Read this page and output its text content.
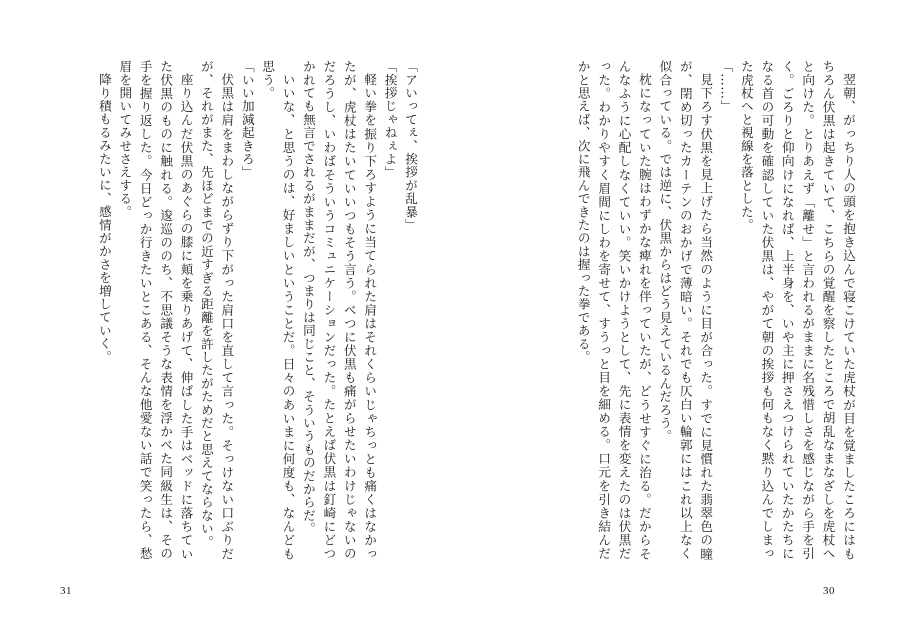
「アいってぇ、挨拶が乱暴」

「挨拶じゃねぇよ」

軽い拳を振り下ろすように当てられた肩はそれくらいじゃちっとも痛くはなかったが、虎杖はたいていいつもそう言う。べつに伏黒も痛がらせたいわけじゃないのだろうし、いわばそういうコミュニケーションだった。たとえば伏黒は釘崎にどつかれても無言でされるがままだが、つまりは同じこと、そういうものだからだ。

いいな、と思うのは、好ましいということだ。日々のあいまに何度も、なんども思う。

「いい加減起きろ」

伏黒は肩をまわしながらずり下がった肩口を直して言った。そっけない口ぶりだが、それがまた、先ほどまでの近すぎる距離を許したがためだと思えてならない。

座り込んだ伏黒のあぐらの膝に頬を乗りあげて、伸ばした手はベッドに落ちていた伏黒のものに触れる。逡巡ののち、不思議そうな表情を浮かべた同級生は、その手を握り返した。今日どっか行きたいとこある、そんな他愛ない話で笑ったら、愁眉を開いてみせさえする。

降り積もるみたいに、感情がかさを増していく。

31

翌朝、がっちり人の頭を抱き込んで寝こけていた虎杖が目を覚ましたころにはもちろん伏黒は起きていて、こちらの覚醒を察したところで胡乱なまなざしを虎杖へと向けた。とりあえず「離せ」と言われるがままに名残惜しさを感じながら手を引く。ごろりと仰向けになれば、上半身を、いや主に押さえつけられていたかたちになる首の可動を確認していた伏黒は、やがて朝の挨拶も何もなく黙り込んでしまった虎杖へと視線を落とした。

「……」

見下ろす伏黒を見上げたら当然のように目が合った。すでに見慣れた翡翠色の瞳が、閉め切ったカーテンのおかげで薄暗い。それでも仄白い輪郭にはこれ以上なく似合っている。では逆に、伏黒からはどう見えているんだろう。

枕になっていた腕はわずかな痺れを伴っていたが、どうせすぐに治る。だからそんなふうに心配しなくていい。笑いかけようとして、先に表情を変えたのは伏黒だった。わかりやすく眉間にしわを寄せて、すうっと目を細める。口元を引き結んだかと思えば、次に飛んできたのは握った拳である。

30
